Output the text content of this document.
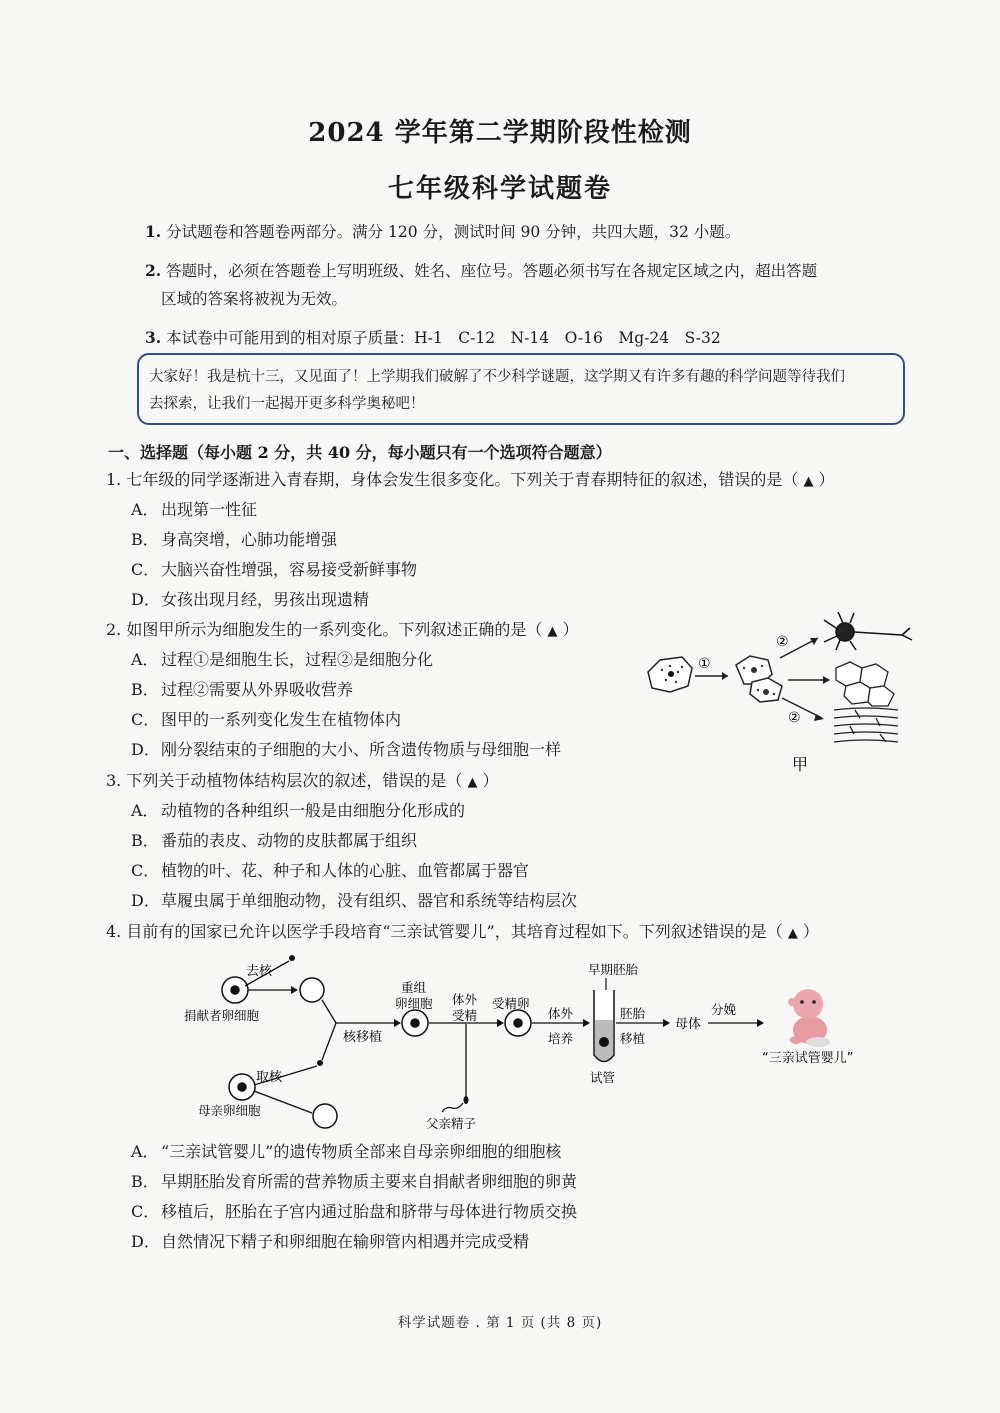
2024 学年第二学期阶段性检测
七年级科学试题卷
1. 分试题卷和答题卷两部分。满分 120 分，测试时间 90 分钟，共四大题，32 小题。
2. 答题时，必须在答题卷上写明班级、姓名、座位号。答题必须书写在各规定区域之内，超出答题
区域的答案将被视为无效。
3. 本试卷中可能用到的相对原子质量：H-1　C-12　N-14　O-16　Mg-24　S-32
大家好！我是杭十三，又见面了！上学期我们破解了不少科学谜题，这学期又有许多有趣的科学问题等待我们
去探索，让我们一起揭开更多科学奥秘吧！
一、选择题（每小题 2 分，共 40 分，每小题只有一个选项符合题意）
1. 七年级的同学逐渐进入青春期，身体会发生很多变化。下列关于青春期特征的叙述，错误的是（ ▲ ）
A． 出现第一性征
B． 身高突增，心肺功能增强
C． 大脑兴奋性增强，容易接受新鲜事物
D．女孩出现月经，男孩出现遗精
2. 如图甲所示为细胞发生的一系列变化。下列叙述正确的是（ ▲ ）
A． 过程①是细胞生长，过程②是细胞分化
B． 过程②需要从外界吸收营养
C． 图甲的一系列变化发生在植物体内
D．刚分裂结束的子细胞的大小、所含遗传物质与母细胞一样
①
②
②
甲
3. 下列关于动植物体结构层次的叙述，错误的是（ ▲ ）
A． 动植物的各种组织一般是由细胞分化形成的
B． 番茄的表皮、动物的皮肤都属于组织
C． 植物的叶、花、种子和人体的心脏、血管都属于器官
D．草履虫属于单细胞动物，没有组织、器官和系统等结构层次
4. 目前有的国家已允许以医学手段培育“三亲试管婴儿”，其培育过程如下。下列叙述错误的是（ ▲ ）
去核
捐献者卵细胞
取核
母亲卵细胞
核移植
重组
卵细胞 体外
受精
受精卵
父亲精子
体外
培养
早期胚胎
试管
胚胎
移植
母体
分娩
“三亲试管婴儿”
A． “三亲试管婴儿”的遗传物质全部来自母亲卵细胞的细胞核
B． 早期胚胎发育所需的营养物质主要来自捐献者卵细胞的卵黄
C． 移植后，胚胎在子宫内通过胎盘和脐带与母体进行物质交换
D．自然情况下精子和卵细胞在输卵管内相遇并完成受精
科学试题卷 . 第 1 页 (共 8 页)
